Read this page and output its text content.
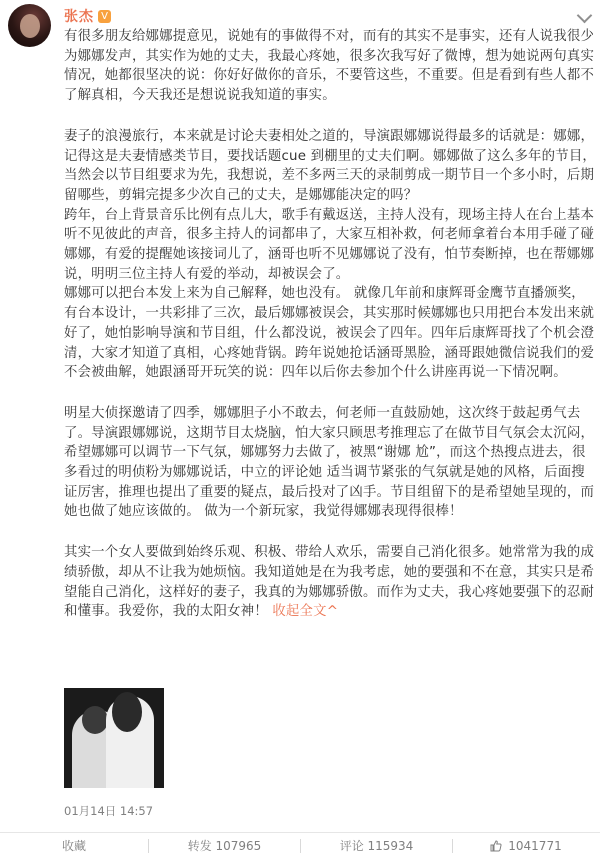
张杰 V

有很多朋友给娜娜提意见，说她有的事做得不对，而有的其实不是事实，还有人说我很少为娜娜发声，其实作为她的丈夫，我最心疼她，很多次我写好了微博，想为她说两句真实情况，她都很坚决的说：你好好做你的音乐，不要管这些，不重要。但是看到有些人都不了解真相，今天我还是想说说我知道的事实。

妻子的浪漫旅行，本来就是讨论夫妻相处之道的，导演跟娜娜说得最多的话就是：娜娜，记得这是夫妻情感类节目，要找话题cue 到棚里的丈夫们啊。娜娜做了这么多年的节目，当然会以节目组要求为先，我想说，差不多两三天的录制剪成一期节目一个多小时，后期留哪些，剪辑完提多少次自己的丈夫，是娜娜能决定的吗？
跨年，台上背景音乐比例有点儿大，歌手有戴返送，主持人没有，现场主持人在台上基本听不见彼此的声音，很多主持人的词都串了，大家互相补救，何老师拿着台本用手碰了碰娜娜，有爱的提醒她该接词儿了，涵哥也听不见娜娜说了没有，怕节奏断掉，也在帮娜娜说，明明三位主持人有爱的举动，却被误会了。
娜娜可以把台本发上来为自己解释，她也没有。 就像几年前和康辉哥金鹰节直播颁奖，有台本设计，一共彩排了三次，最后娜娜被误会，其实那时候娜娜也只用把台本发出来就好了，她怕影响导演和节目组，什么都没说，被误会了四年。四年后康辉哥找了个机会澄清，大家才知道了真相，心疼她背锅。跨年说她抢话涵哥黑脸，涵哥跟她微信说我们的爱不会被曲解，她跟涵哥开玩笑的说：四年以后你去参加个什么讲座再说一下情况啊。

明星大侦探邀请了四季，娜娜胆子小不敢去，何老师一直鼓励她，这次终于鼓起勇气去了。导演跟娜娜说，这期节目太烧脑，怕大家只顾思考推理忘了在做节目气氛会太沉闷，希望娜娜可以调节一下气氛，娜娜努力去做了，被黑“谢娜 尬”，而这个热搜点进去，很多看过的明侦粉为娜娜说话，中立的评论她 适当调节紧张的气氛就是她的风格，后面搜证厉害，推理也提出了重要的疑点，最后投对了凶手。节目组留下的是希望她呈现的，而她也做了她应该做的。 做为一个新玩家，我觉得娜娜表现得很棒！

其实一个女人要做到始终乐观、积极、带给人欢乐，需要自己消化很多。她常常为我的成绩骄傲，却从不让我为她烦恼。我知道她是在为我考虑，她的要强和不在意，其实只是希望能自己消化，这样好的妻子，我真的为娜娜骄傲。而作为丈夫，我心疼她要强下的忍耐和懂事。我爱你，我的太阳女神！ 收起全文^

01月14日 14:57
收藏	转发 107965	评论 115934	1041771
